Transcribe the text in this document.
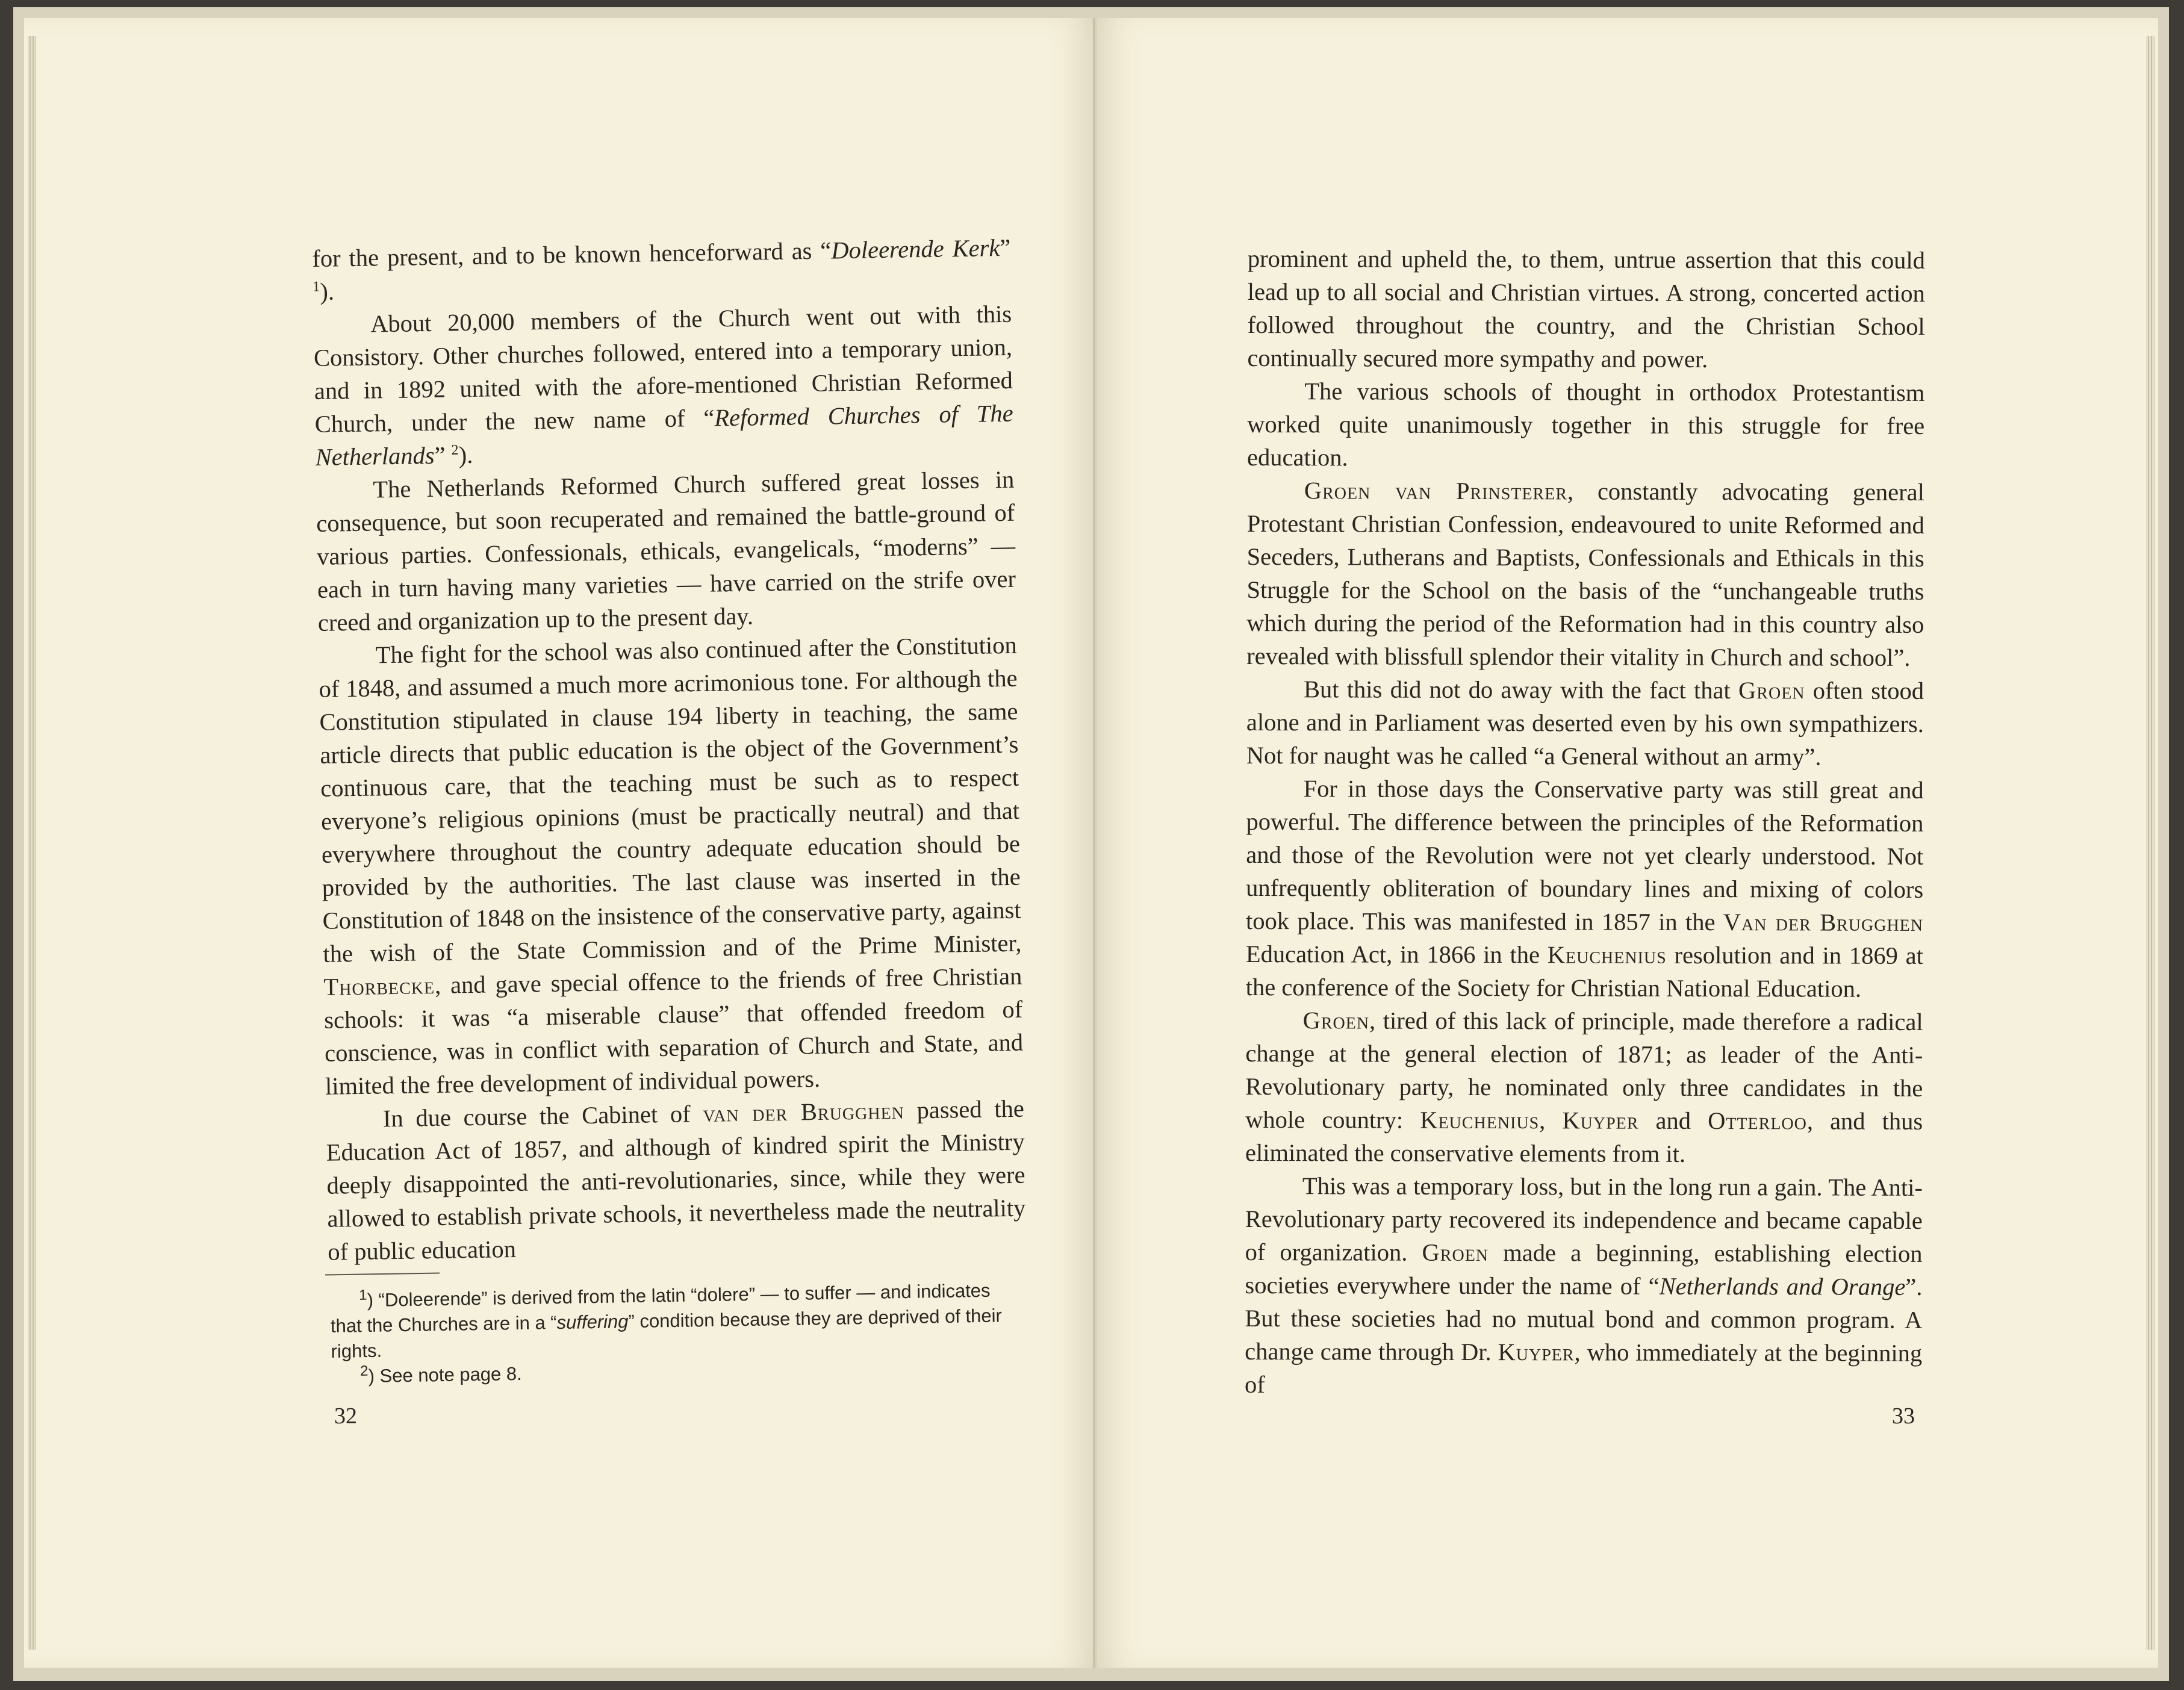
for the present, and to be known henceforward as “Doleerende Kerk” $^1$).

About 20,000 members of the Church went out with this Consistory. Other churches followed, entered into a temporary union, and in 1892 united with the afore-mentioned Christian Reformed Church, under the new name of “Reformed Churches of The Netherlands” $^2$).

The Netherlands Reformed Church suffered great losses in consequence, but soon recuperated and remained the battle-ground of various parties. Confessionals, ethicals, evangelicals, “moderns” — each in turn having many varieties — have carried on the strife over creed and organization up to the present day.

The fight for the school was also continued after the Constitution of 1848, and assumed a much more acrimonious tone. For although the Constitution stipulated in clause 194 liberty in teaching, the same article directs that public education is the object of the Government’s continuous care, that the teaching must be such as to respect everyone’s religious opinions (must be practically neutral) and that everywhere throughout the country adequate education should be provided by the authorities. The last clause was inserted in the Constitution of 1848 on the insistence of the conservative party, against the wish of the State Commission and of the Prime Minister, Thorbecke, and gave special offence to the friends of free Christian schools: it was “a miserable clause” that offended freedom of conscience, was in conflict with separation of Church and State, and limited the free development of individual powers.

In due course the Cabinet of van der Brugghen passed the Education Act of 1857, and although of kindred spirit the Ministry deeply disappointed the anti-revolutionaries, since, while they were allowed to establish private schools, it nevertheless made the neutrality of public education

$^1$) “Doleerende” is derived from the latin “dolere” — to suffer — and indicates that the Churches are in a “suffering” condition because they are deprived of their rights.

$^2$) See note page 8.

32

prominent and upheld the, to them, untrue assertion that this could lead up to all social and Christian virtues. A strong, concerted action followed throughout the country, and the Christian School continually secured more sympathy and power.

The various schools of thought in orthodox Protestantism worked quite unanimously together in this struggle for free education.

Groen van Prinsterer, constantly advocating general Protestant Christian Confession, endeavoured to unite Reformed and Seceders, Lutherans and Baptists, Confessionals and Ethicals in this Struggle for the School on the basis of the “unchangeable truths which during the period of the Reformation had in this country also revealed with blissfull splendor their vitality in Church and school”.

But this did not do away with the fact that Groen often stood alone and in Parliament was deserted even by his own sympathizers. Not for naught was he called “a General without an army”.

For in those days the Conservative party was still great and powerful. The difference between the principles of the Reformation and those of the Revolution were not yet clearly understood. Not unfrequently obliteration of boundary lines and mixing of colors took place. This was manifested in 1857 in the Van der Brugghen Education Act, in 1866 in the Keuchenius resolution and in 1869 at the conference of the Society for Christian National Education.

Groen, tired of this lack of principle, made therefore a radical change at the general election of 1871; as leader of the Anti-Revolutionary party, he nominated only three candidates in the whole country: Keuchenius, Kuyper and Otterloo, and thus eliminated the conservative elements from it.

This was a temporary loss, but in the long run a gain. The Anti-Revolutionary party recovered its independence and became capable of organization. Groen made a beginning, establishing election societies everywhere under the name of “Netherlands and Orange”. But these societies had no mutual bond and common program. A change came through Dr. Kuyper, who immediately at the beginning of

33
